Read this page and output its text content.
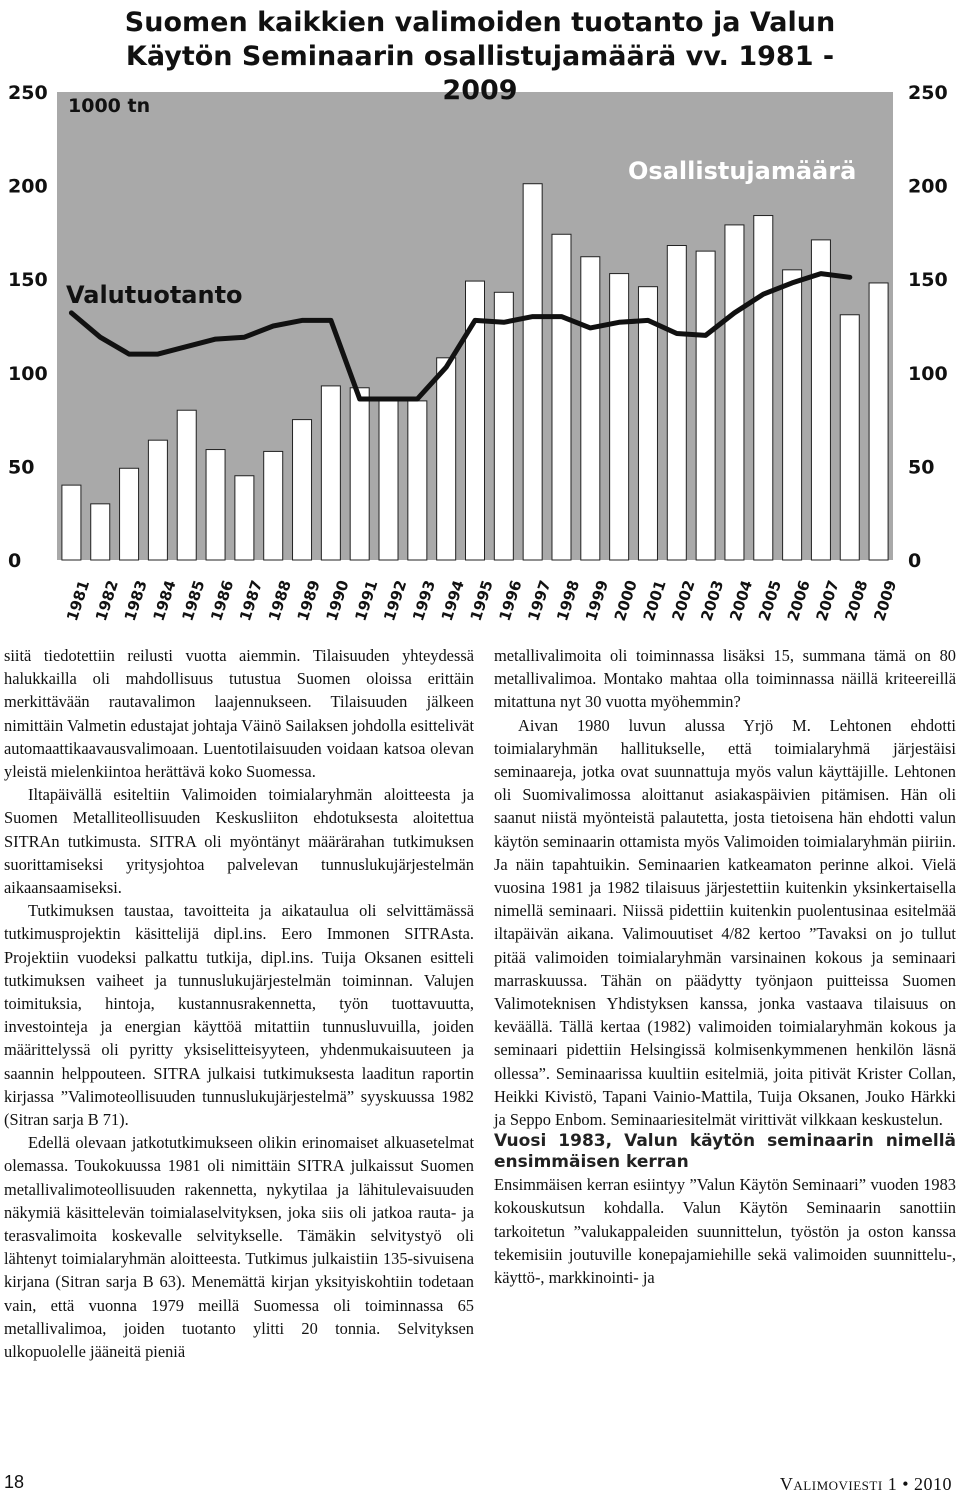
Suomen kaikkien valimoiden tuotanto ja Valun Käytön Seminaarin osallistujamäärä vv. 1981 - 2009
0
50
100
150
200
250
0
50
100
150
200
250
1981
1982
1983
1984
1985
1986
1987
1988
1989
1990
1991
1992
1993
1994
1995
1996
1997
1998
1999
2000
2001
2002
2003
2004
2005
2006
2007
2008
2009
1000 tn
Valutuotanto
Osallistujamäärä

siitä tiedotettiin reilusti vuotta aiemmin. Tilaisuuden yhteydessä halukkailla oli mahdollisuus tutustua Suomen oloissa erittäin merkittävään rautavalimon laajennukseen. Tilaisuuden jälkeen nimittäin Valmetin edustajat johtaja Väinö Sailaksen johdolla esittelivät automaattikaavausvalimoaan. Luentotilaisuuden voidaan katsoa olevan yleistä mielenkiintoa herättävä koko Suomessa.

Iltapäivällä esiteltiin Valimoiden toimialaryhmän aloitteesta ja Suomen Metalliteollisuuden Keskusliiton ehdotuksesta aloitettua SITRAn tutkimusta. SITRA oli myöntänyt määrärahan tutkimuksen suorittamiseksi yritysjohtoa palvelevan tunnuslukujärjestelmän aikaansaamiseksi.

Tutkimuksen taustaa, tavoitteita ja aikataulua oli selvittämässä tutkimusprojektin käsittelijä dipl.ins. Eero Immonen SITRAsta. Projektiin vuodeksi palkattu tutkija, dipl.ins. Tuija Oksanen esitteli tutkimuksen vaiheet ja tunnuslukujärjestelmän toiminnan. Valujen toimituksia, hintoja, kustannusrakennetta, työn tuottavuutta, investointeja ja energian käyttöä mitattiin tunnusluvuilla, joiden määrittelyssä oli pyritty yksiselitteisyyteen, yhdenmukaisuuteen ja saannin helppouteen. SITRA julkaisi tutkimuksesta laaditun raportin kirjassa ”Valimoteollisuuden tunnuslukujärjestelmä” syyskuussa 1982 (Sitran sarja B 71).

Edellä olevaan jatkotutkimukseen olikin erinomaiset alkuasetelmat olemassa. Toukokuussa 1981 oli nimittäin SITRA julkaissut Suomen metallivalimoteollisuuden rakennetta, nykytilaa ja lähitulevaisuuden näkymiä käsittelevän toimialaselvityksen, joka siis oli jatkoa rauta- ja terasvalimoita koskevalle selvitykselle. Tämäkin selvitystyö oli lähtenyt toimialaryhmän aloitteesta. Tutkimus julkaistiin 135-sivuisena kirjana (Sitran sarja B 63). Menemättä kirjan yksityiskohtiin todetaan vain, että vuonna 1979 meillä Suomessa oli toiminnassa 65 metallivalimoa, joiden tuotanto ylitti 20 tonnia. Selvityksen ulkopuolelle jääneitä pieniä

metallivalimoita oli toiminnassa lisäksi 15, summana tämä on 80 metallivalimoa. Montako mahtaa olla toiminnassa näillä kriteereillä mitattuna nyt 30 vuotta myöhemmin?

Aivan 1980 luvun alussa Yrjö M. Lehtonen ehdotti toimialaryhmän hallitukselle, että toimialaryhmä järjestäisi seminaareja, jotka ovat suunnattuja myös valun käyttäjille. Lehtonen oli Suomivalimossa aloittanut asiakaspäivien pitämisen. Hän oli saanut niistä myönteistä palautetta, josta tietoisena hän ehdotti valun käytön seminaarin ottamista myös Valimoiden toimialaryhmän piiriin. Ja näin tapahtuikin. Seminaarien katkeamaton perinne alkoi. Vielä vuosina 1981 ja 1982 tilaisuus järjestettiin kuitenkin yksinkertaisella nimellä seminaari. Niissä pidettiin kuitenkin puolentusinaa esitelmää iltapäivän aikana. Valimouutiset 4/82 kertoo ”Tavaksi on jo tullut pitää valimoiden toimialaryhmän varsinainen kokous ja seminaari marraskuussa. Tähän on päädytty työnjaon puitteissa Suomen Valimoteknisen Yhdistyksen kanssa, jonka vastaava tilaisuus on keväällä. Tällä kertaa (1982) valimoiden toimialaryhmän kokous ja seminaari pidettiin Helsingissä kolmisenkymmenen henkilön läsnä ollessa”. Seminaarissa kuultiin esitelmiä, joita pitivät Krister Collan, Heikki Kivistö, Tapani Vainio-Mattila, Tuija Oksanen, Jouko Härkki ja Seppo Enbom. Seminaariesitelmät virittivät vilkkaan keskustelun.

Vuosi 1983, Valun käytön seminaarin nimellä ensimmäisen kerran

Ensimmäisen kerran esiintyy ”Valun Käytön Seminaari” vuoden 1983 kokouskutsun kohdalla. Valun Käytön Seminaarin sanottiin tarkoitetun ”valukappaleiden suunnittelun, työstön ja oston kanssa tekemisiin joutuville konepajamiehille sekä valimoiden suunnittelu-, käyttö-, markkinointi- ja

18	Valimoviesti 1 • 2010
